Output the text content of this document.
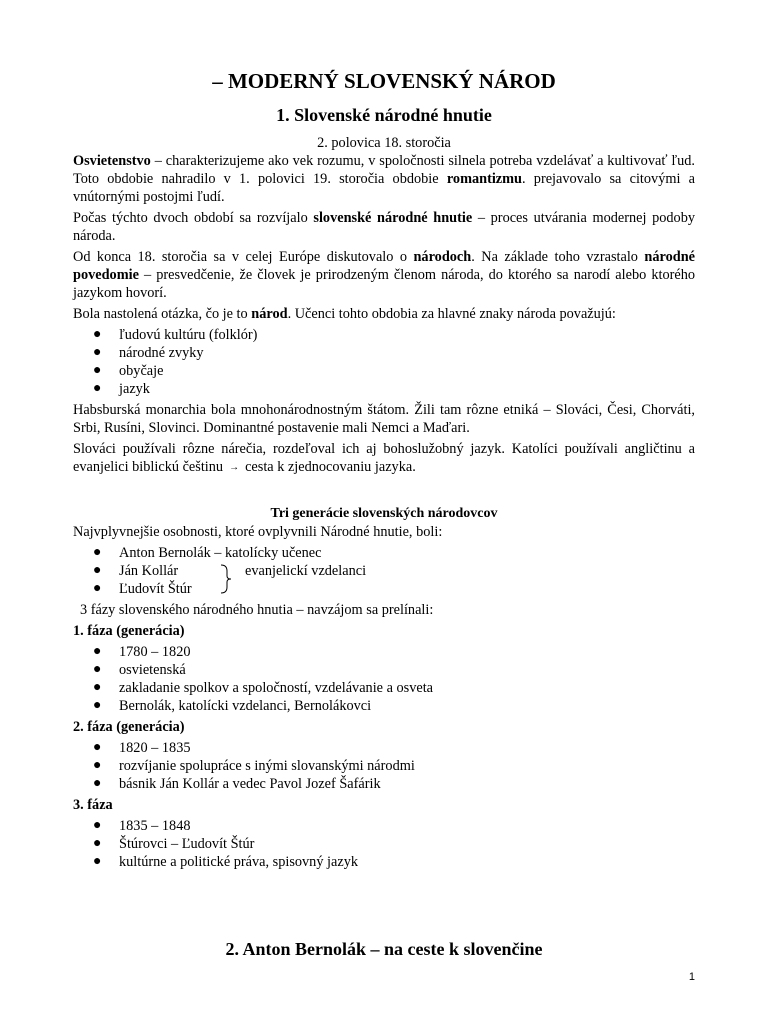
– MODERNÝ SLOVENSKÝ NÁROD
1. Slovenské národné hnutie
2. polovica 18. storočia

Osvietenstvo – charakterizujeme ako vek rozumu, v spoločnosti silnela potreba vzdelávať a kultivovať ľud. Toto obdobie nahradilo v 1. polovici 19. storočia obdobie romantizmu. prejavovalo sa citovými a vnútornými postojmi ľudí.

Počas týchto dvoch období sa rozvíjalo slovenské národné hnutie – proces utvárania modernej podoby národa.

Od konca 18. storočia sa v celej Európe diskutovalo o národoch. Na základe toho vzrastalo národné povedomie – presvedčenie, že človek je prirodzeným členom národa, do ktorého sa narodí alebo ktorého jazykom hovorí.

Bola nastolená otázka, čo je to národ. Učenci tohto obdobia za hlavné znaky národa považujú:

● ľudovú kultúru (folklór)
● národné zvyky
● obyčaje
● jazyk

Habsburská monarchia bola mnohonárodnostným štátom. Žili tam rôzne etniká – Slováci, Česi, Chorváti, Srbi, Rusíni, Slovinci. Dominantné postavenie mali Nemci a Maďari.

Slováci používali rôzne nárečia, rozdeľoval ich aj bohoslužobný jazyk. Katolíci používali angličtinu a evanjelici biblickú češtinu → cesta k zjednocovaniu jazyka.

Tri generácie slovenských národovcov

Najvplyvnejšie osobnosti, ktoré ovplyvnili Národné hnutie, boli:

● Anton Bernolák – katolícky učenec
● Ján Kollár	evanjelickí vzdelanci
● Ľudovít Štúr

3 fázy slovenského národného hnutia – navzájom sa prelínali:

1. fáza (generácia)
● 1780 – 1820
● osvietenská
● zakladanie spolkov a spoločností, vzdelávanie a osveta
● Bernolák, katolícki vzdelanci, Bernolákovci
2. fáza (generácia)
● 1820 – 1835
● rozvíjanie spolupráce s inými slovanskými národmi
● básnik Ján Kollár a vedec Pavol Jozef Šafárik
3. fáza
● 1835 – 1848
● Štúrovci – Ľudovít Štúr
● kultúrne a politické práva, spisovný jazyk
2. Anton Bernolák – na ceste k slovenčine
1
